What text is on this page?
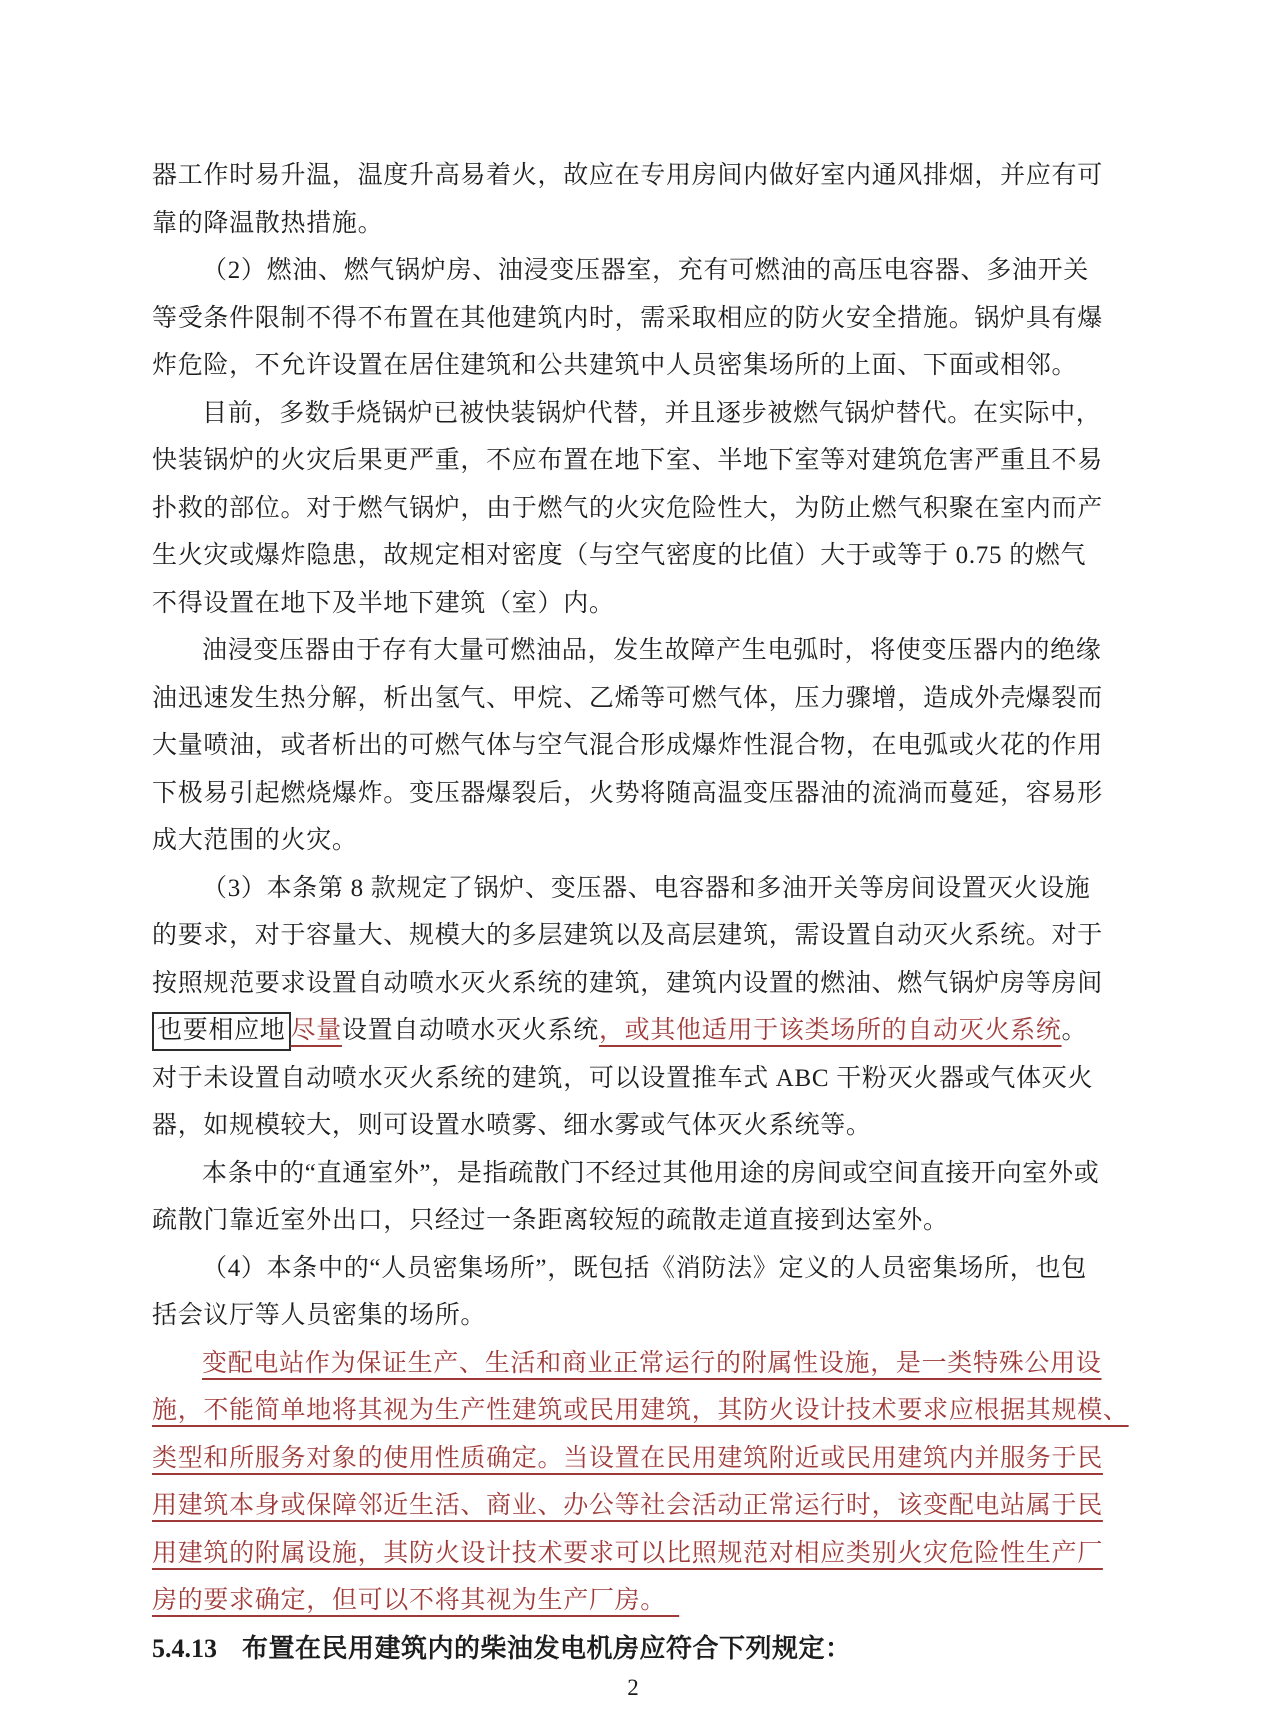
器工作时易升温，温度升高易着火，故应在专用房间内做好室内通风排烟，并应有可
靠的降温散热措施。
（2）燃油、燃气锅炉房、油浸变压器室，充有可燃油的高压电容器、多油开关
等受条件限制不得不布置在其他建筑内时，需采取相应的防火安全措施。锅炉具有爆
炸危险，不允许设置在居住建筑和公共建筑中人员密集场所的上面、下面或相邻。
目前，多数手烧锅炉已被快装锅炉代替，并且逐步被燃气锅炉替代。在实际中，
快装锅炉的火灾后果更严重，不应布置在地下室、半地下室等对建筑危害严重且不易
扑救的部位。对于燃气锅炉，由于燃气的火灾危险性大，为防止燃气积聚在室内而产
生火灾或爆炸隐患，故规定相对密度（与空气密度的比值）大于或等于 0.75 的燃气
不得设置在地下及半地下建筑（室）内。
油浸变压器由于存有大量可燃油品，发生故障产生电弧时，将使变压器内的绝缘
油迅速发生热分解，析出氢气、甲烷、乙烯等可燃气体，压力骤增，造成外壳爆裂而
大量喷油，或者析出的可燃气体与空气混合形成爆炸性混合物，在电弧或火花的作用
下极易引起燃烧爆炸。变压器爆裂后，火势将随高温变压器油的流淌而蔓延，容易形
成大范围的火灾。
（3）本条第 8 款规定了锅炉、变压器、电容器和多油开关等房间设置灭火设施
的要求，对于容量大、规模大的多层建筑以及高层建筑，需设置自动灭火系统。对于
按照规范要求设置自动喷水灭火系统的建筑，建筑内设置的燃油、燃气锅炉房等房间
也要相应地 尽量设置自动喷水灭火系统，或其他适用于该类场所的自动灭火系统。
对于未设置自动喷水灭火系统的建筑，可以设置推车式 ABC 干粉灭火器或气体灭火
器，如规模较大，则可设置水喷雾、细水雾或气体灭火系统等。
本条中的“直通室外”，是指疏散门不经过其他用途的房间或空间直接开向室外或
疏散门靠近室外出口，只经过一条距离较短的疏散走道直接到达室外。
（4）本条中的“人员密集场所”，既包括《消防法》定义的人员密集场所，也包
括会议厅等人员密集的场所。
变配电站作为保证生产、生活和商业正常运行的附属性设施，是一类特殊公用设
施，不能简单地将其视为生产性建筑或民用建筑，其防火设计技术要求应根据其规模、
类型和所服务对象的使用性质确定。当设置在民用建筑附近或民用建筑内并服务于民
用建筑本身或保障邻近生活、商业、办公等社会活动正常运行时，该变配电站属于民
用建筑的附属设施，其防火设计技术要求可以比照规范对相应类别火灾危险性生产厂
房的要求确定，但可以不将其视为生产厂房。　
5.4.13 布置在民用建筑内的柴油发电机房应符合下列规定：
2
